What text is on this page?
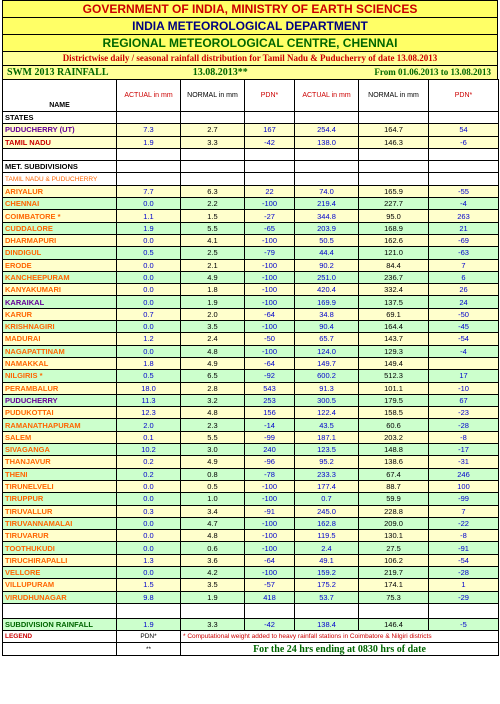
GOVERNMENT OF INDIA, MINISTRY OF EARTH SCIENCES
INDIA METEOROLOGICAL DEPARTMENT
REGIONAL METEOROLOGICAL CENTRE, CHENNAI
Districtwise daily / seasonal rainfall distribution for Tamil Nadu & Puducherry of date 13.08.2013
SWM 2013 RAINFALL	13.08.2013**	From 01.06.2013 to 13.08.2013
NAME	ACTUAL in mm	NORMAL in mm	PDN*	ACTUAL in mm	NORMAL in mm	PDN*
STATES						
PUDUCHERRY (UT)	7.3	2.7	167	254.4	164.7	54
TAMIL NADU	1.9	3.3	-42	138.0	146.3	-6

MET. SUBDIVISIONS						
TAMIL NADU & PUDUCHERRY						
ARIYALUR	7.7	6.3	22	74.0	165.9	-55
CHENNAI	0.0	2.2	-100	219.4	227.7	-4
COIMBATORE *	1.1	1.5	-27	344.8	95.0	263
CUDDALORE	1.9	5.5	-65	203.9	168.9	21
DHARMAPURI	0.0	4.1	-100	50.5	162.6	-69
DINDIGUL	0.5	2.5	-79	44.4	121.0	-63
ERODE	0.0	2.1	-100	90.2	84.4	7
KANCHEEPURAM	0.0	4.9	-100	251.0	236.7	6
KANYAKUMARI	0.0	1.8	-100	420.4	332.4	26
KARAIKAL	0.0	1.9	-100	169.9	137.5	24
KARUR	0.7	2.0	-64	34.8	69.1	-50
KRISHNAGIRI	0.0	3.5	-100	90.4	164.4	-45
MADURAI	1.2	2.4	-50	65.7	143.7	-54
NAGAPATTINAM	0.0	4.8	-100	124.0	129.3	-4
NAMAKKAL	1.8	4.9	-64	149.7	149.4	
NILGIRIS *	0.5	6.5	-92	600.2	512.3	17
PERAMBALUR	18.0	2.8	543	91.3	101.1	-10
PUDUCHERRY	11.3	3.2	253	300.5	179.5	67
PUDUKOTTAI	12.3	4.8	156	122.4	158.5	-23
RAMANATHAPURAM	2.0	2.3	-14	43.5	60.6	-28
SALEM	0.1	5.5	-99	187.1	203.2	-8
SIVAGANGA	10.2	3.0	240	123.5	148.8	-17
THANJAVUR	0.2	4.9	-96	95.2	138.6	-31
THENI	0.2	0.8	-78	233.3	67.4	246
TIRUNELVELI	0.0	0.5	-100	177.4	88.7	100
TIRUPPUR	0.0	1.0	-100	0.7	59.9	-99
TIRUVALLUR	0.3	3.4	-91	245.0	228.8	7
TIRUVANNAMALAI	0.0	4.7	-100	162.8	209.0	-22
TIRUVARUR	0.0	4.8	-100	119.5	130.1	-8
TOOTHUKUDI	0.0	0.6	-100	2.4	27.5	-91
TIRUCHIRAPALLI	1.3	3.6	-64	49.1	106.2	-54
VELLORE	0.0	4.2	-100	159.2	219.7	-28
VILLUPURAM	1.5	3.5	-57	175.2	174.1	1
VIRUDHUNAGAR	9.8	1.9	418	53.7	75.3	-29

SUBDIVISION RAINFALL	1.9	3.3	-42	138.4	146.4	-5
LEGEND	PDN*	* Computational weight added to heavy rainfall stations in Coimbatore & Nilgiri districts				
	**	For the 24 hrs ending at 0830 hrs of date				
